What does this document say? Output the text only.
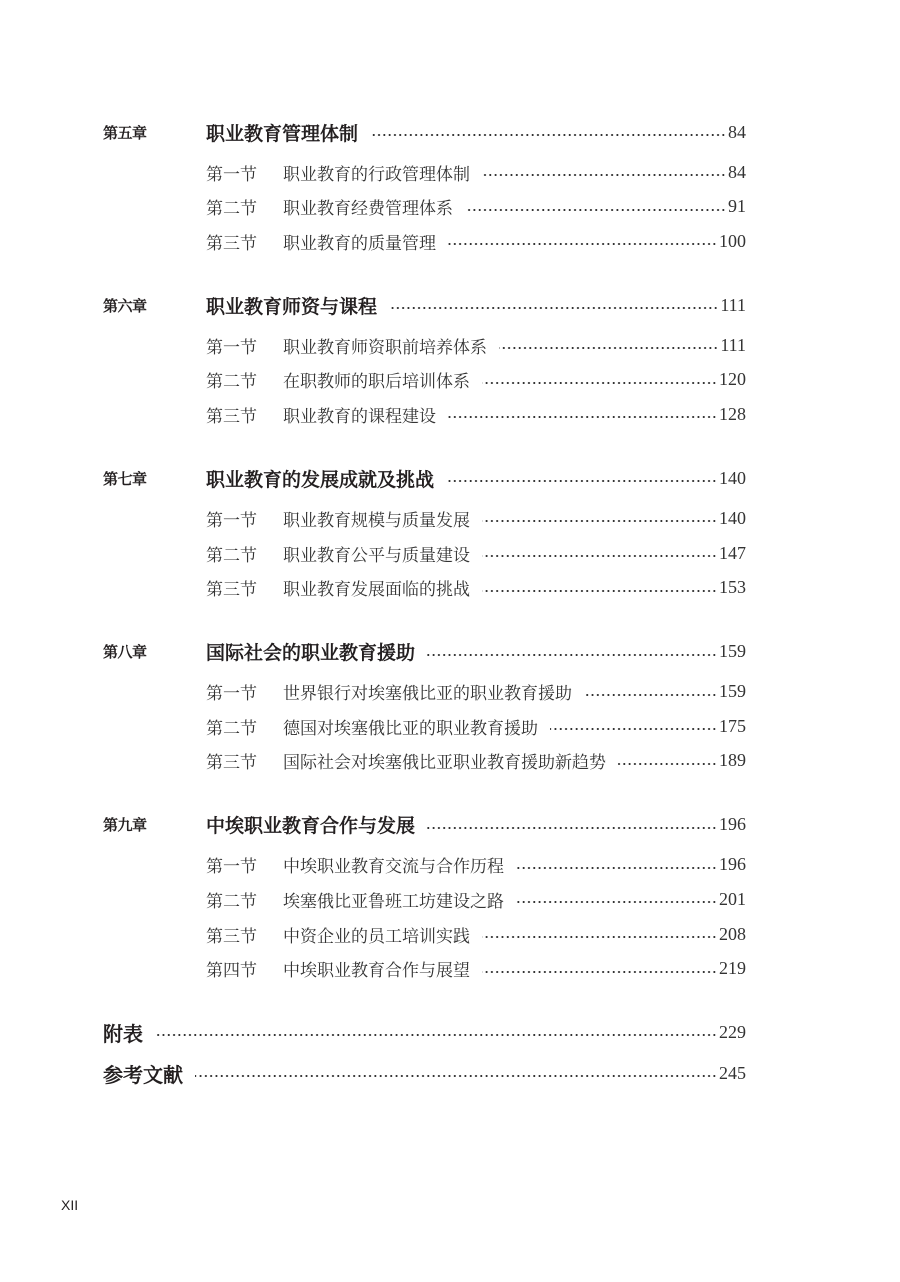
第五章	职业教育管理体制	84
第一节	职业教育的行政管理体制	84
第二节	职业教育经费管理体系	91
第三节	职业教育的质量管理	100
第六章	职业教育师资与课程	111
第一节	职业教育师资职前培养体系	111
第二节	在职教师的职后培训体系	120
第三节	职业教育的课程建设	128
第七章	职业教育的发展成就及挑战	140
第一节	职业教育规模与质量发展	140
第二节	职业教育公平与质量建设	147
第三节	职业教育发展面临的挑战	153
第八章	国际社会的职业教育援助	159
第一节	世界银行对埃塞俄比亚的职业教育援助	159
第二节	德国对埃塞俄比亚的职业教育援助	175
第三节	国际社会对埃塞俄比亚职业教育援助新趋势	189
第九章	中埃职业教育合作与发展	196
第一节	中埃职业教育交流与合作历程	196
第二节	埃塞俄比亚鲁班工坊建设之路	201
第三节	中资企业的员工培训实践	208
第四节	中埃职业教育合作与展望	219
附表	229
参考文献	245
XII
